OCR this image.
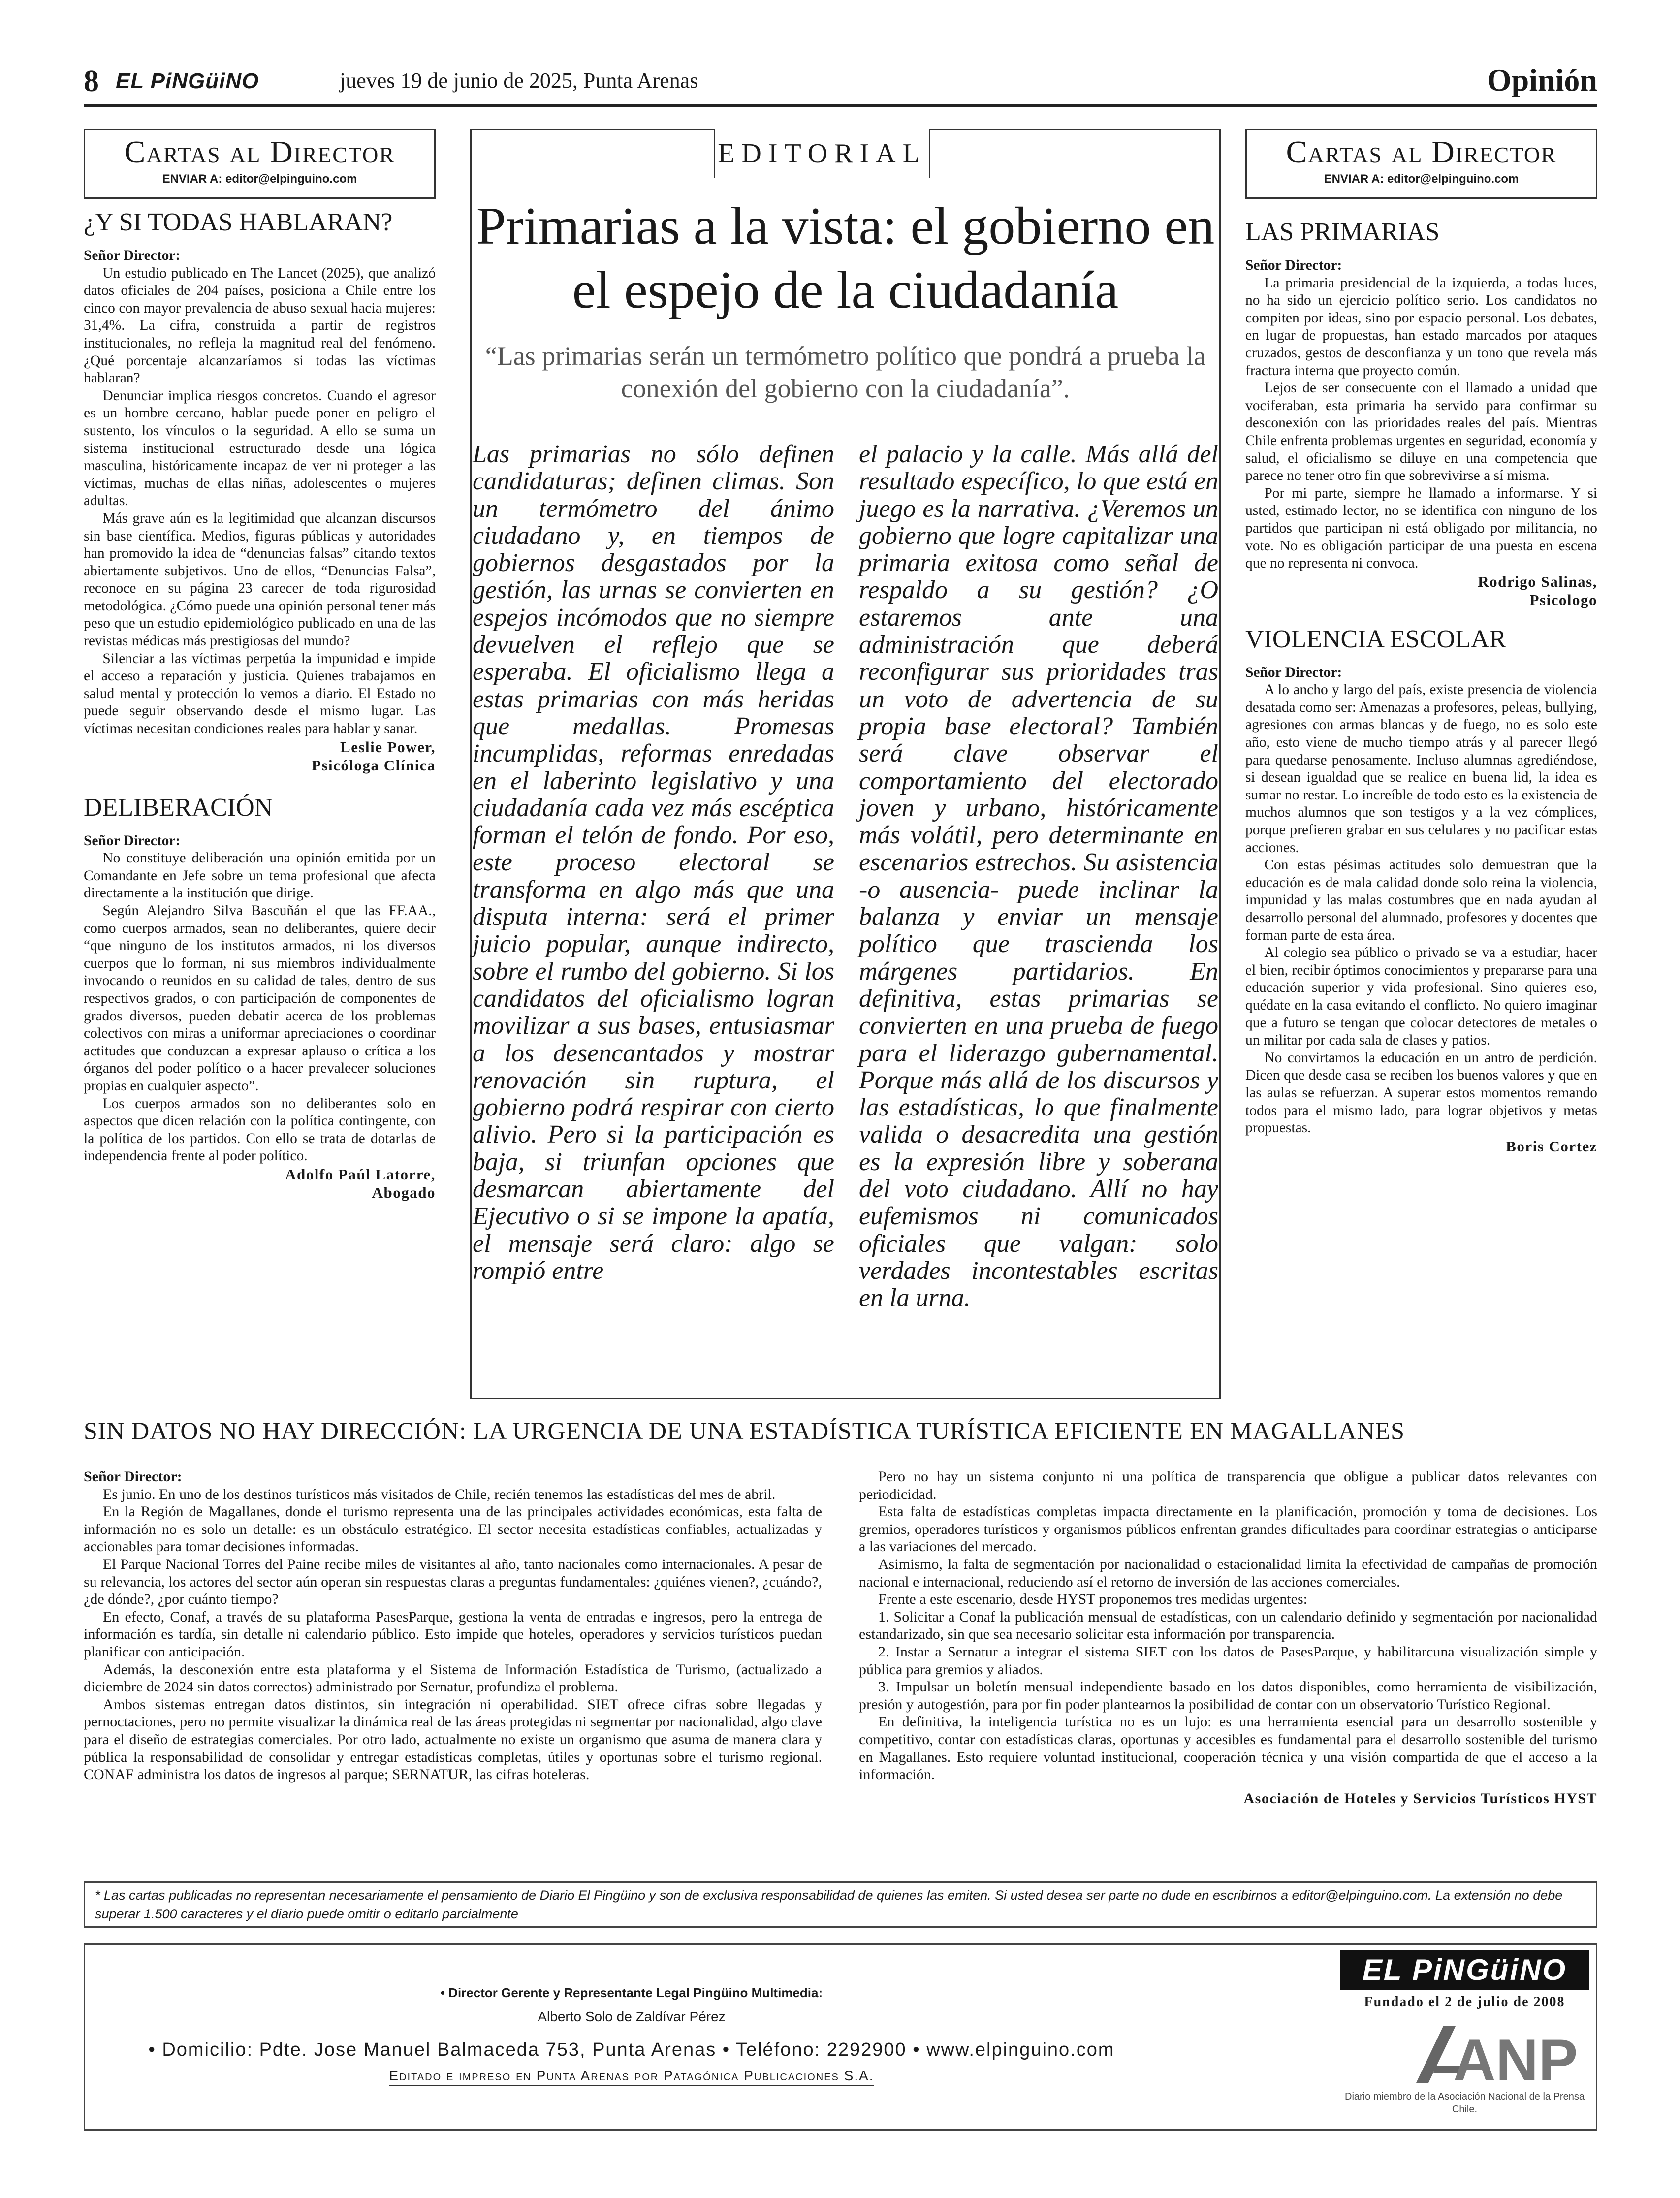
8 EL PiNGüiNO	jueves 19 de junio de 2025, Punta Arenas	Opinión
Cartas al Director
ENVIAR A: editor@elpinguino.com
¿Y SI TODAS HABLARAN?

Señor Director:

Un estudio publicado en The Lancet (2025), que analizó datos oficiales de 204 países, posiciona a Chile entre los cinco con mayor prevalencia de abuso sexual hacia mujeres: 31,4%. La cifra, construida a partir de registros institucionales, no refleja la magnitud real del fenómeno. ¿Qué porcentaje alcanzaríamos si todas las víctimas hablaran?

Denunciar implica riesgos concretos. Cuando el agresor es un hombre cercano, hablar puede poner en peligro el sustento, los vínculos o la seguridad. A ello se suma un sistema institucional estructurado desde una lógica masculina, históricamente incapaz de ver ni proteger a las víctimas, muchas de ellas niñas, adolescentes o mujeres adultas.

Más grave aún es la legitimidad que alcanzan discursos sin base científica. Medios, figuras públicas y autoridades han promovido la idea de “denuncias falsas” citando textos abiertamente subjetivos. Uno de ellos, “Denuncias Falsa”, reconoce en su página 23 carecer de toda rigurosidad metodológica. ¿Cómo puede una opinión personal tener más peso que un estudio epidemiológico publicado en una de las revistas médicas más prestigiosas del mundo?

Silenciar a las víctimas perpetúa la impunidad e impide el acceso a reparación y justicia. Quienes trabajamos en salud mental y protección lo vemos a diario. El Estado no puede seguir observando desde el mismo lugar. Las víctimas necesitan condiciones reales para hablar y sanar.

Leslie Power,

Psicóloga Clínica

DELIBERACIÓN

Señor Director:

No constituye deliberación una opinión emitida por un Comandante en Jefe sobre un tema profesional que afecta directamente a la institución que dirige.

Según Alejandro Silva Bascuñán el que las FF.AA., como cuerpos armados, sean no deliberantes, quiere decir “que ninguno de los institutos armados, ni los diversos cuerpos que lo forman, ni sus miembros individualmente invocando o reunidos en su calidad de tales, dentro de sus respectivos grados, o con participación de componentes de grados diversos, pueden debatir acerca de los problemas colectivos con miras a uniformar apreciaciones o coordinar actitudes que conduzcan a expresar aplauso o crítica a los órganos del poder político o a hacer prevalecer soluciones propias en cualquier aspecto”.

Los cuerpos armados son no deliberantes solo en aspectos que dicen relación con la política contingente, con la política de los partidos. Con ello se trata de dotarlas de independencia frente al poder político.

Adolfo Paúl Latorre,

Abogado

EDITORIAL
Primarias a la vista: el gobierno en el espejo de la ciudadanía
“Las primarias serán un termómetro político que pondrá a prueba la conexión del gobierno con la ciudadanía”.
Las primarias no sólo definen candidaturas; definen climas. Son un termómetro del ánimo ciudadano y, en tiempos de gobiernos desgastados por la gestión, las urnas se convierten en espejos incómodos que no siempre devuelven el reflejo que se esperaba. El oficialismo llega a estas primarias con más heridas que medallas. Promesas incumplidas, reformas enredadas en el laberinto legislativo y una ciudadanía cada vez más escéptica forman el telón de fondo. Por eso, este proceso electoral se transforma en algo más que una disputa interna: será el primer juicio popular, aunque indirecto, sobre el rumbo del gobierno. Si los candidatos del oficialismo logran movilizar a sus bases, entusiasmar a los desencantados y mostrar renovación sin ruptura, el gobierno podrá respirar con cierto alivio. Pero si la participación es baja, si triunfan opciones que desmarcan abiertamente del Ejecutivo o si se impone la apatía, el mensaje será claro: algo se rompió entre
el palacio y la calle. Más allá del resultado específico, lo que está en juego es la narrativa. ¿Veremos un gobierno que logre capitalizar una primaria exitosa como señal de respaldo a su gestión? ¿O estaremos ante una administración que deberá reconfigurar sus prioridades tras un voto de advertencia de su propia base electoral? También será clave observar el comportamiento del electorado joven y urbano, históricamente más volátil, pero determinante en escenarios estrechos. Su asistencia -o ausencia- puede inclinar la balanza y enviar un mensaje político que trascienda los márgenes partidarios. En definitiva, estas primarias se convierten en una prueba de fuego para el liderazgo gubernamental. Porque más allá de los discursos y las estadísticas, lo que finalmente valida o desacredita una gestión es la expresión libre y soberana del voto ciudadano. Allí no hay eufemismos ni comunicados oficiales que valgan: solo verdades incontestables escritas en la urna.
Cartas al Director
ENVIAR A: editor@elpinguino.com
LAS PRIMARIAS

Señor Director:

La primaria presidencial de la izquierda, a todas luces, no ha sido un ejercicio político serio. Los candidatos no compiten por ideas, sino por espacio personal. Los debates, en lugar de propuestas, han estado marcados por ataques cruzados, gestos de desconfianza y un tono que revela más fractura interna que proyecto común.

Lejos de ser consecuente con el llamado a unidad que vociferaban, esta primaria ha servido para confirmar su desconexión con las prioridades reales del país. Mientras Chile enfrenta problemas urgentes en seguridad, economía y salud, el oficialismo se diluye en una competencia que parece no tener otro fin que sobrevivirse a sí misma.

Por mi parte, siempre he llamado a informarse. Y si usted, estimado lector, no se identifica con ninguno de los partidos que participan ni está obligado por militancia, no vote. No es obligación participar de una puesta en escena que no representa ni convoca.

Rodrigo Salinas,

Psicologo

VIOLENCIA ESCOLAR

Señor Director:

A lo ancho y largo del país, existe presencia de violencia desatada como ser: Amenazas a profesores, peleas, bullying, agresiones con armas blancas y de fuego, no es solo este año, esto viene de mucho tiempo atrás y al parecer llegó para quedarse penosamente. Incluso alumnas agrediéndose, si desean igualdad que se realice en buena lid, la idea es sumar no restar. Lo increíble de todo esto es la existencia de muchos alumnos que son testigos y a la vez cómplices, porque prefieren grabar en sus celulares y no pacificar estas acciones.

Con estas pésimas actitudes solo demuestran que la educación es de mala calidad donde solo reina la violencia, impunidad y las malas costumbres que en nada ayudan al desarrollo personal del alumnado, profesores y docentes que forman parte de esta área.

Al colegio sea público o privado se va a estudiar, hacer el bien, recibir óptimos conocimientos y prepararse para una educación superior y vida profesional. Sino quieres eso, quédate en la casa evitando el conflicto. No quiero imaginar que a futuro se tengan que colocar detectores de metales o un militar por cada sala de clases y patios.

No convirtamos la educación en un antro de perdición. Dicen que desde casa se reciben los buenos valores y que en las aulas se refuerzan. A superar estos momentos remando todos para el mismo lado, para lograr objetivos y metas propuestas.

Boris Cortez

SIN DATOS NO HAY DIRECCIÓN: LA URGENCIA DE UNA ESTADÍSTICA TURÍSTICA EFICIENTE EN MAGALLANES

Señor Director:

Es junio. En uno de los destinos turísticos más visitados de Chile, recién tenemos las estadísticas del mes de abril.

En la Región de Magallanes, donde el turismo representa una de las principales actividades económicas, esta falta de información no es solo un detalle: es un obstáculo estratégico. El sector necesita estadísticas confiables, actualizadas y accionables para tomar decisiones informadas.

El Parque Nacional Torres del Paine recibe miles de visitantes al año, tanto nacionales como internacionales. A pesar de su relevancia, los actores del sector aún operan sin respuestas claras a preguntas fundamentales: ¿quiénes vienen?, ¿cuándo?, ¿de dónde?, ¿por cuánto tiempo?

En efecto, Conaf, a través de su plataforma PasesParque, gestiona la venta de entradas e ingresos, pero la entrega de información es tardía, sin detalle ni calendario público. Esto impide que hoteles, operadores y servicios turísticos puedan planificar con anticipación.

Además, la desconexión entre esta plataforma y el Sistema de Información Estadística de Turismo, (actualizado a diciembre de 2024 sin datos correctos) administrado por Sernatur, profundiza el problema.

Ambos sistemas entregan datos distintos, sin integración ni operabilidad. SIET ofrece cifras sobre llegadas y pernoctaciones, pero no permite visualizar la dinámica real de las áreas protegidas ni segmentar por nacionalidad, algo clave para el diseño de estrategias comerciales. Por otro lado, actualmente no existe un organismo que asuma de manera clara y pública la responsabilidad de consolidar y entregar estadísticas completas, útiles y oportunas sobre el turismo regional. CONAF administra los datos de ingresos al parque; SERNATUR, las cifras hoteleras.

Pero no hay un sistema conjunto ni una política de transparencia que obligue a publicar datos relevantes con periodicidad.

Esta falta de estadísticas completas impacta directamente en la planificación, promoción y toma de decisiones. Los gremios, operadores turísticos y organismos públicos enfrentan grandes dificultades para coordinar estrategias o anticiparse a las variaciones del mercado.

Asimismo, la falta de segmentación por nacionalidad o estacionalidad limita la efectividad de campañas de promoción nacional e internacional, reduciendo así el retorno de inversión de las acciones comerciales.

Frente a este escenario, desde HYST proponemos tres medidas urgentes:

1. Solicitar a Conaf la publicación mensual de estadísticas, con un calendario definido y segmentación por nacionalidad estandarizado, sin que sea necesario solicitar esta información por transparencia.

2. Instar a Sernatur a integrar el sistema SIET con los datos de PasesParque, y habilitarcuna visualización simple y pública para gremios y aliados.

3. Impulsar un boletín mensual independiente basado en los datos disponibles, como herramienta de visibilización, presión y autogestión, para por fin poder plantearnos la posibilidad de contar con un observatorio Turístico Regional.

En definitiva, la inteligencia turística no es un lujo: es una herramienta esencial para un desarrollo sostenible y competitivo, contar con estadísticas claras, oportunas y accesibles es fundamental para el desarrollo sostenible del turismo en Magallanes. Esto requiere voluntad institucional, cooperación técnica y una visión compartida de que el acceso a la información.

Asociación de Hoteles y Servicios Turísticos HYST

* Las cartas publicadas no representan necesariamente el pensamiento de Diario El Pingüino y son de exclusiva responsabilidad de quienes las emiten. Si usted desea ser parte no dude en escribirnos a editor@elpinguino.com. La extensión no debe superar 1.500 caracteres y el diario puede omitir o editarlo parcialmente
• Director Gerente y Representante Legal Pingüino Multimedia:
Alberto Solo de Zaldívar Pérez
• Domicilio: Pdte. Jose Manuel Balmaceda 753, Punta Arenas • Teléfono: 2292900 • www.elpinguino.com
Editado e impreso en Punta Arenas por Patagónica Publicaciones S.A.
EL PiNGüiNO
Fundado el 2 de julio de 2008
ANP
Diario miembro de la Asociación Nacional de la Prensa Chile.
